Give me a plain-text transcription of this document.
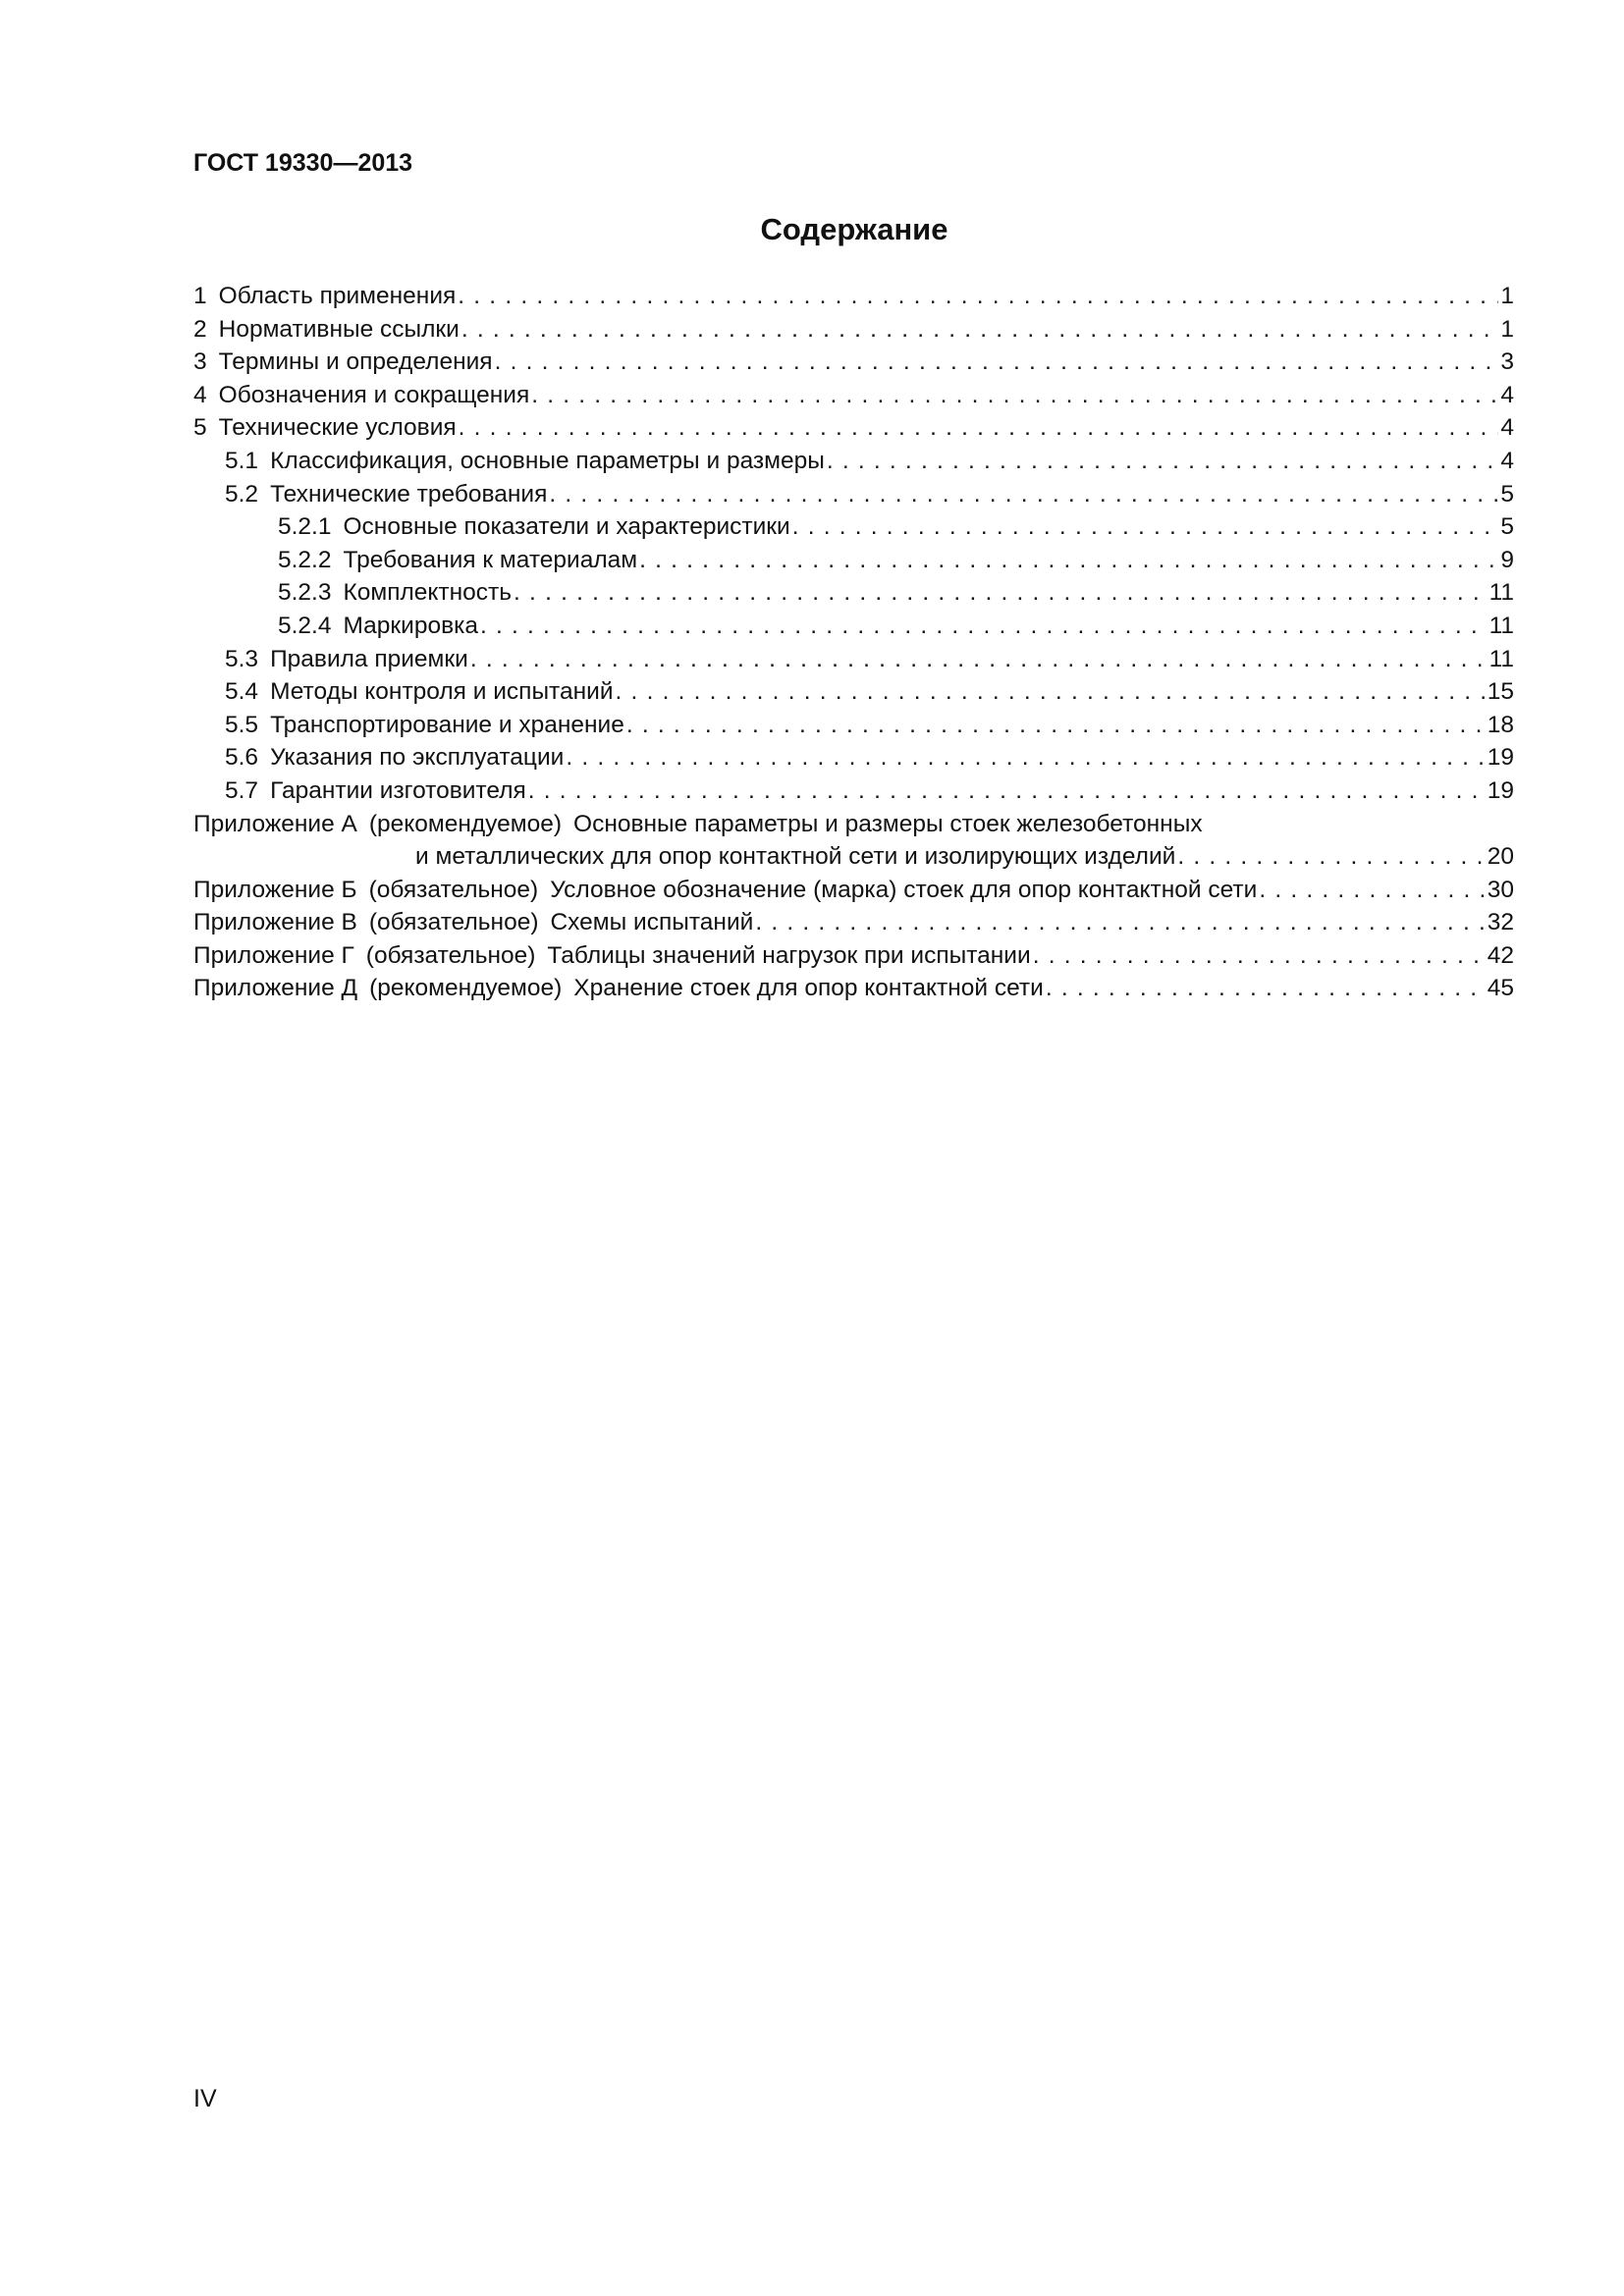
ГОСТ 19330—2013
Содержание
1 Область применения . . .	1
2 Нормативные ссылки . . .	1
3 Термины и определения . . .	3
4 Обозначения и сокращения . . .	4
5 Технические условия . . .	4
5.1 Классификация, основные параметры и размеры . . .	4
5.2 Технические требования . . .	5
5.2.1 Основные показатели и характеристики . . .	5
5.2.2 Требования к материалам . . .	9
5.2.3 Комплектность . . .	11
5.2.4 Маркировка . . .	11
5.3 Правила приемки . . .	11
5.4 Методы контроля и испытаний . . .	15
5.5 Транспортирование и хранение . . .	18
5.6 Указания по эксплуатации . . .	19
5.7 Гарантии изготовителя . . .	19
Приложение А (рекомендуемое) Основные параметры и размеры стоек железобетонных
и металлических для опор контактной сети и изолирующих изделий . . .	20
Приложение Б (обязательное) Условное обозначение (марка) стоек для опор контактной сети . . .	30
Приложение В (обязательное) Схемы испытаний . . .	32
Приложение Г (обязательное) Таблицы значений нагрузок при испытании . . .	42
Приложение Д (рекомендуемое) Хранение стоек для опор контактной сети . . .	45
IV
